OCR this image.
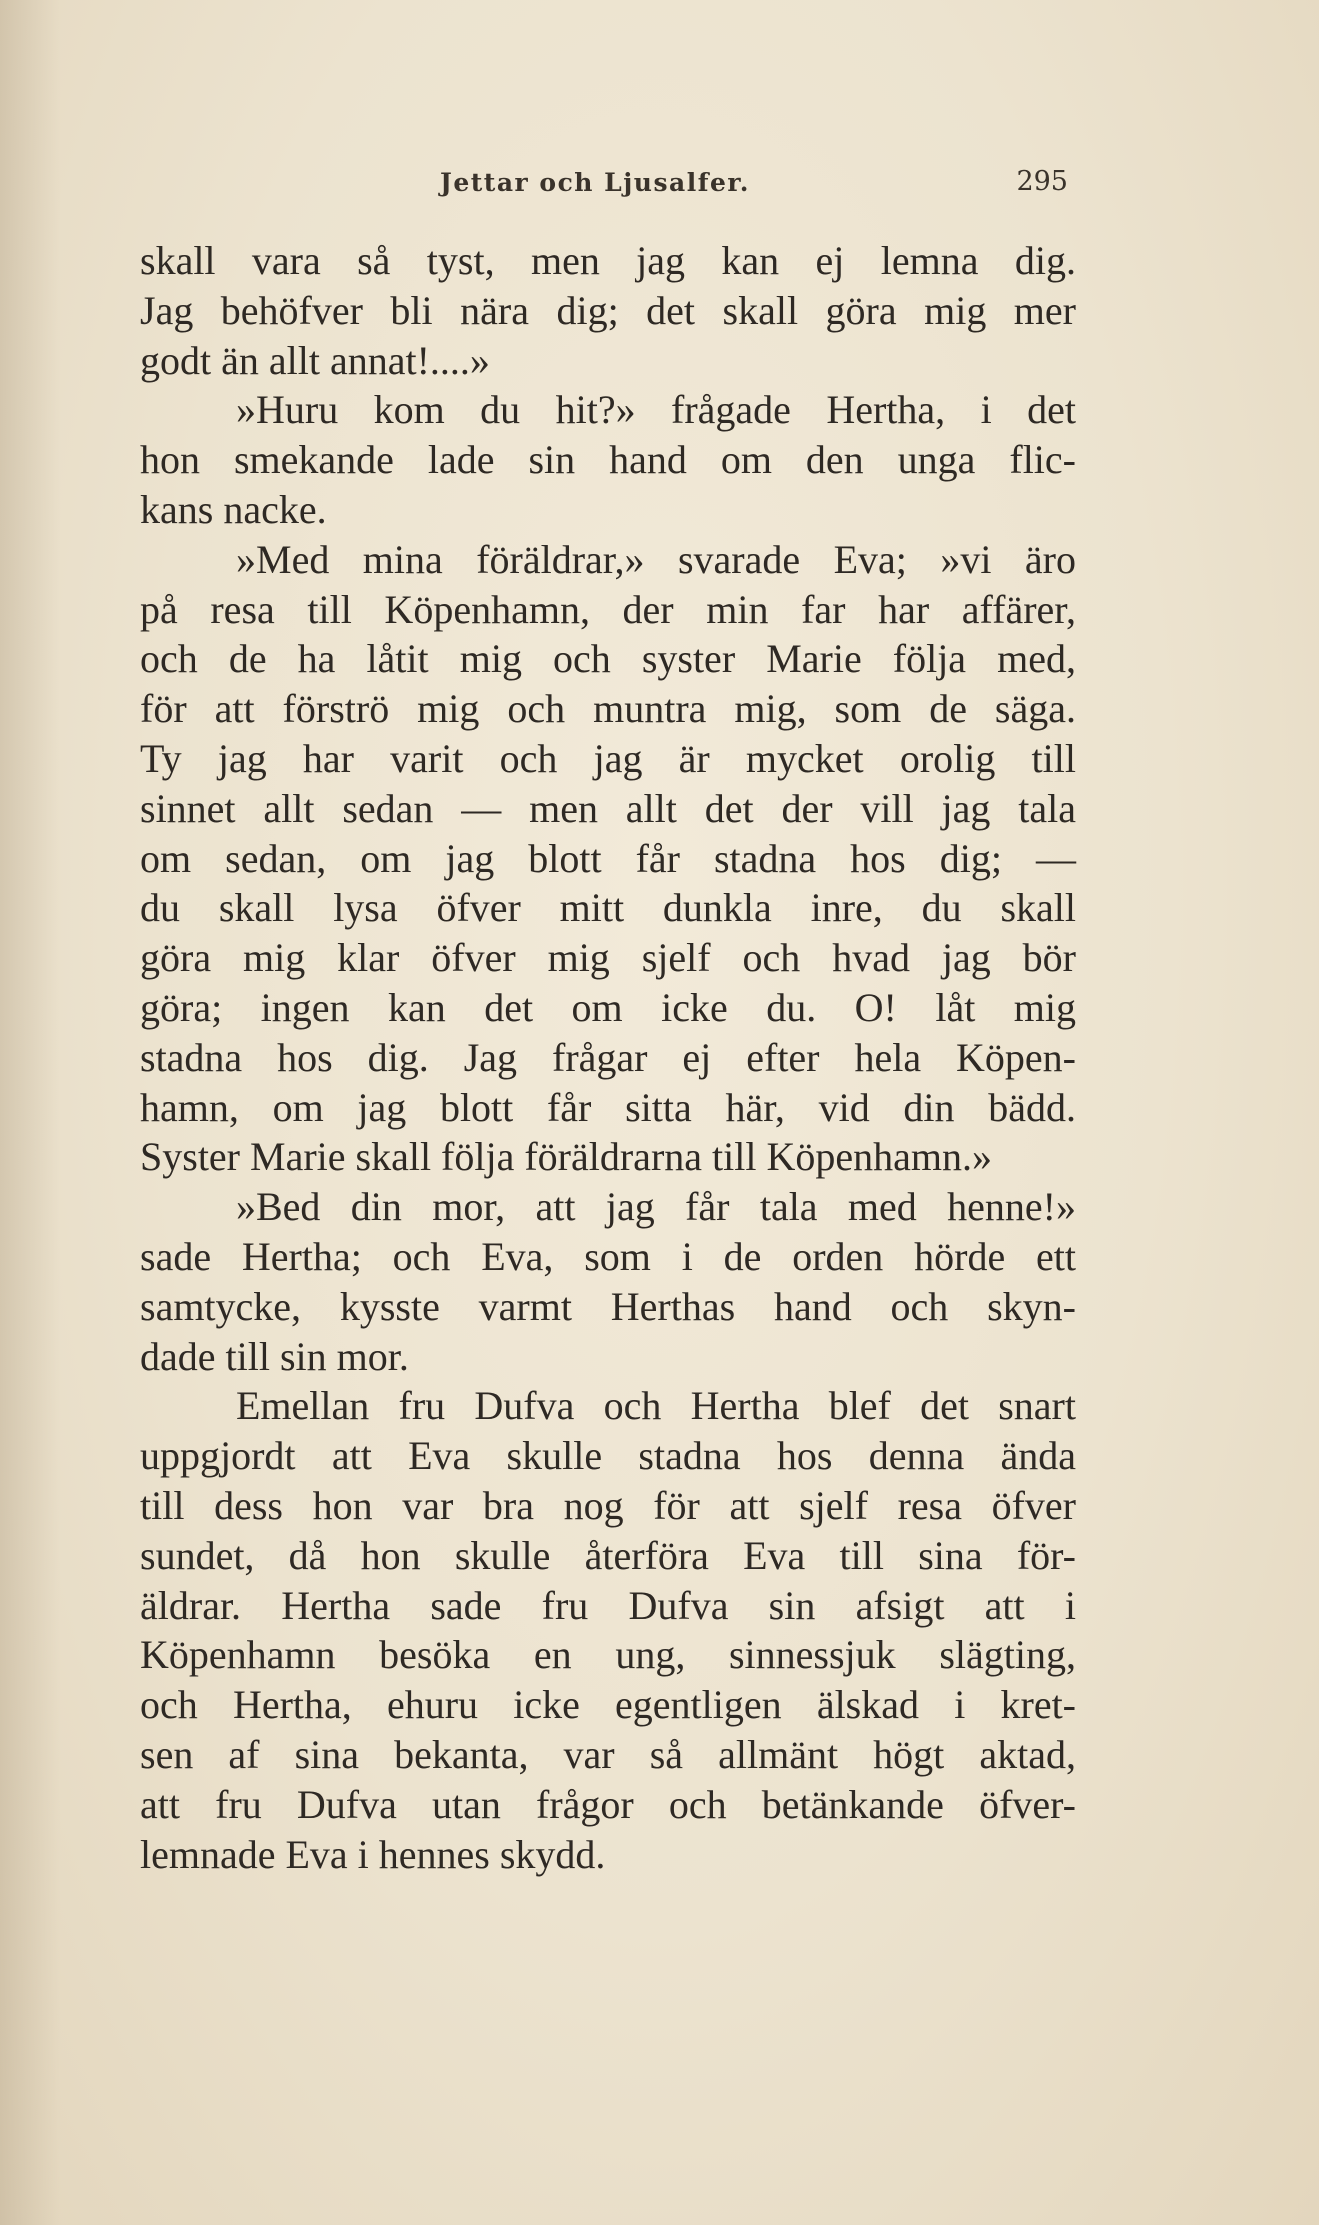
Jettar och Ljusalfer.	295
skall vara så tyst, men jag kan ej lemna dig.
Jag behöfver bli nära dig; det skall göra mig mer
godt än allt annat!....»
»Huru kom du hit?» frågade Hertha, i det
hon smekande lade sin hand om den unga flic-
kans nacke.
»Med mina föräldrar,» svarade Eva; »vi äro
på resa till Köpenhamn, der min far har affärer,
och de ha låtit mig och syster Marie följa med,
för att förströ mig och muntra mig, som de säga.
Ty jag har varit och jag är mycket orolig till
sinnet allt sedan — men allt det der vill jag tala
om sedan, om jag blott får stadna hos dig; —
du skall lysa öfver mitt dunkla inre, du skall
göra mig klar öfver mig sjelf och hvad jag bör
göra; ingen kan det om icke du. O! låt mig
stadna hos dig. Jag frågar ej efter hela Köpen-
hamn, om jag blott får sitta här, vid din bädd.
Syster Marie skall följa föräldrarna till Köpenhamn.»
»Bed din mor, att jag får tala med henne!»
sade Hertha; och Eva, som i de orden hörde ett
samtycke, kysste varmt Herthas hand och skyn-
dade till sin mor.
Emellan fru Dufva och Hertha blef det snart
uppgjordt att Eva skulle stadna hos denna ända
till dess hon var bra nog för att sjelf resa öfver
sundet, då hon skulle återföra Eva till sina för-
äldrar. Hertha sade fru Dufva sin afsigt att i
Köpenhamn besöka en ung, sinnessjuk slägting,
och Hertha, ehuru icke egentligen älskad i kret-
sen af sina bekanta, var så allmänt högt aktad,
att fru Dufva utan frågor och betänkande öfver-
lemnade Eva i hennes skydd.
